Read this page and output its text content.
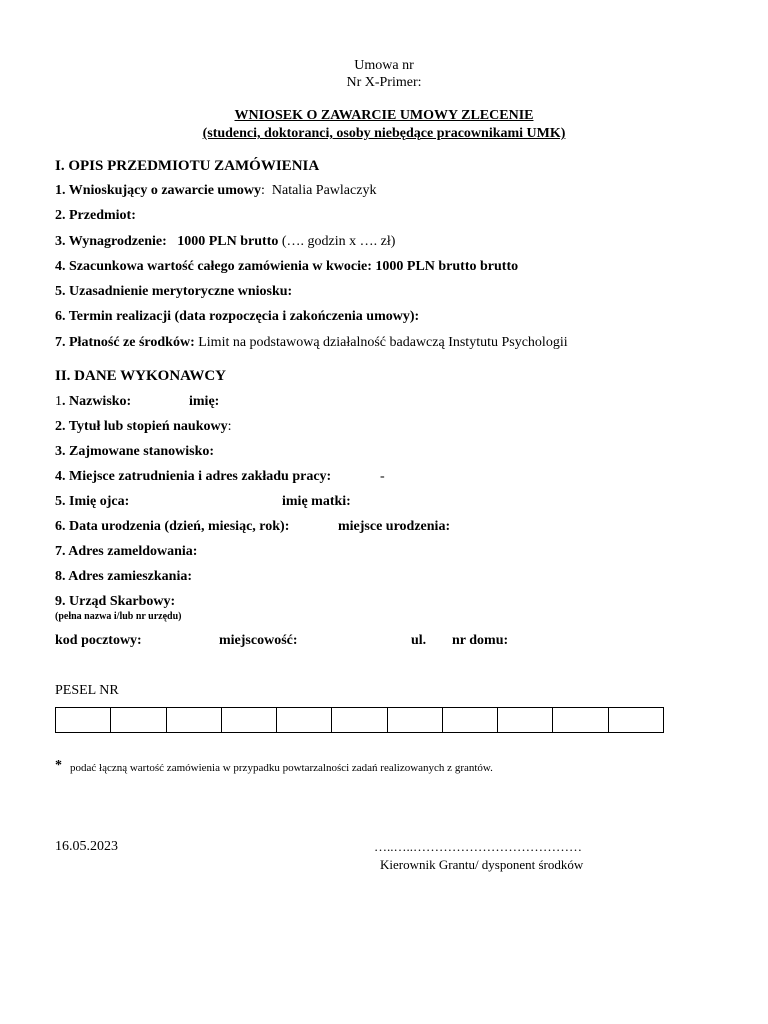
Umowa nr
Nr X-Primer:
WNIOSEK O ZAWARCIE UMOWY ZLECENIE
(studenci, doktoranci, osoby niebędące pracownikami UMK)
I. OPIS PRZEDMIOTU ZAMÓWIENIA
1. Wnioskujący o zawarcie umowy: Natalia Pawlaczyk
2. Przedmiot:
3. Wynagrodzenie: 1000 PLN brutto (…. godzin x …. zł)
4. Szacunkowa wartość całego zamówienia w kwocie: 1000 PLN brutto brutto
5. Uzasadnienie merytoryczne wniosku:
6. Termin realizacji (data rozpoczęcia i zakończenia umowy):
7. Płatność ze środków: Limit na podstawową działalność badawczą Instytutu Psychologii
II. DANE WYKONAWCY
1. Nazwisko:	imię:
2. Tytuł lub stopień naukowy:
3. Zajmowane stanowisko:
4. Miejsce zatrudnienia i adres zakładu pracy:	-
5. Imię ojca:	imię matki:
6. Data urodzenia (dzień, miesiąc, rok):	miejsce urodzenia:
7. Adres zameldowania:
8. Adres zamieszkania:
9. Urząd Skarbowy:
(pełna nazwa i/lub nr urzędu)
kod pocztowy:	miejscowość:	ul. nr domu:
PESEL NR
* podać łączną wartość zamówienia w przypadku powtarzalności zadań realizowanych z grantów.
16.05.2023	…..…..…………………………………
Kierownik Grantu/ dysponent środków
